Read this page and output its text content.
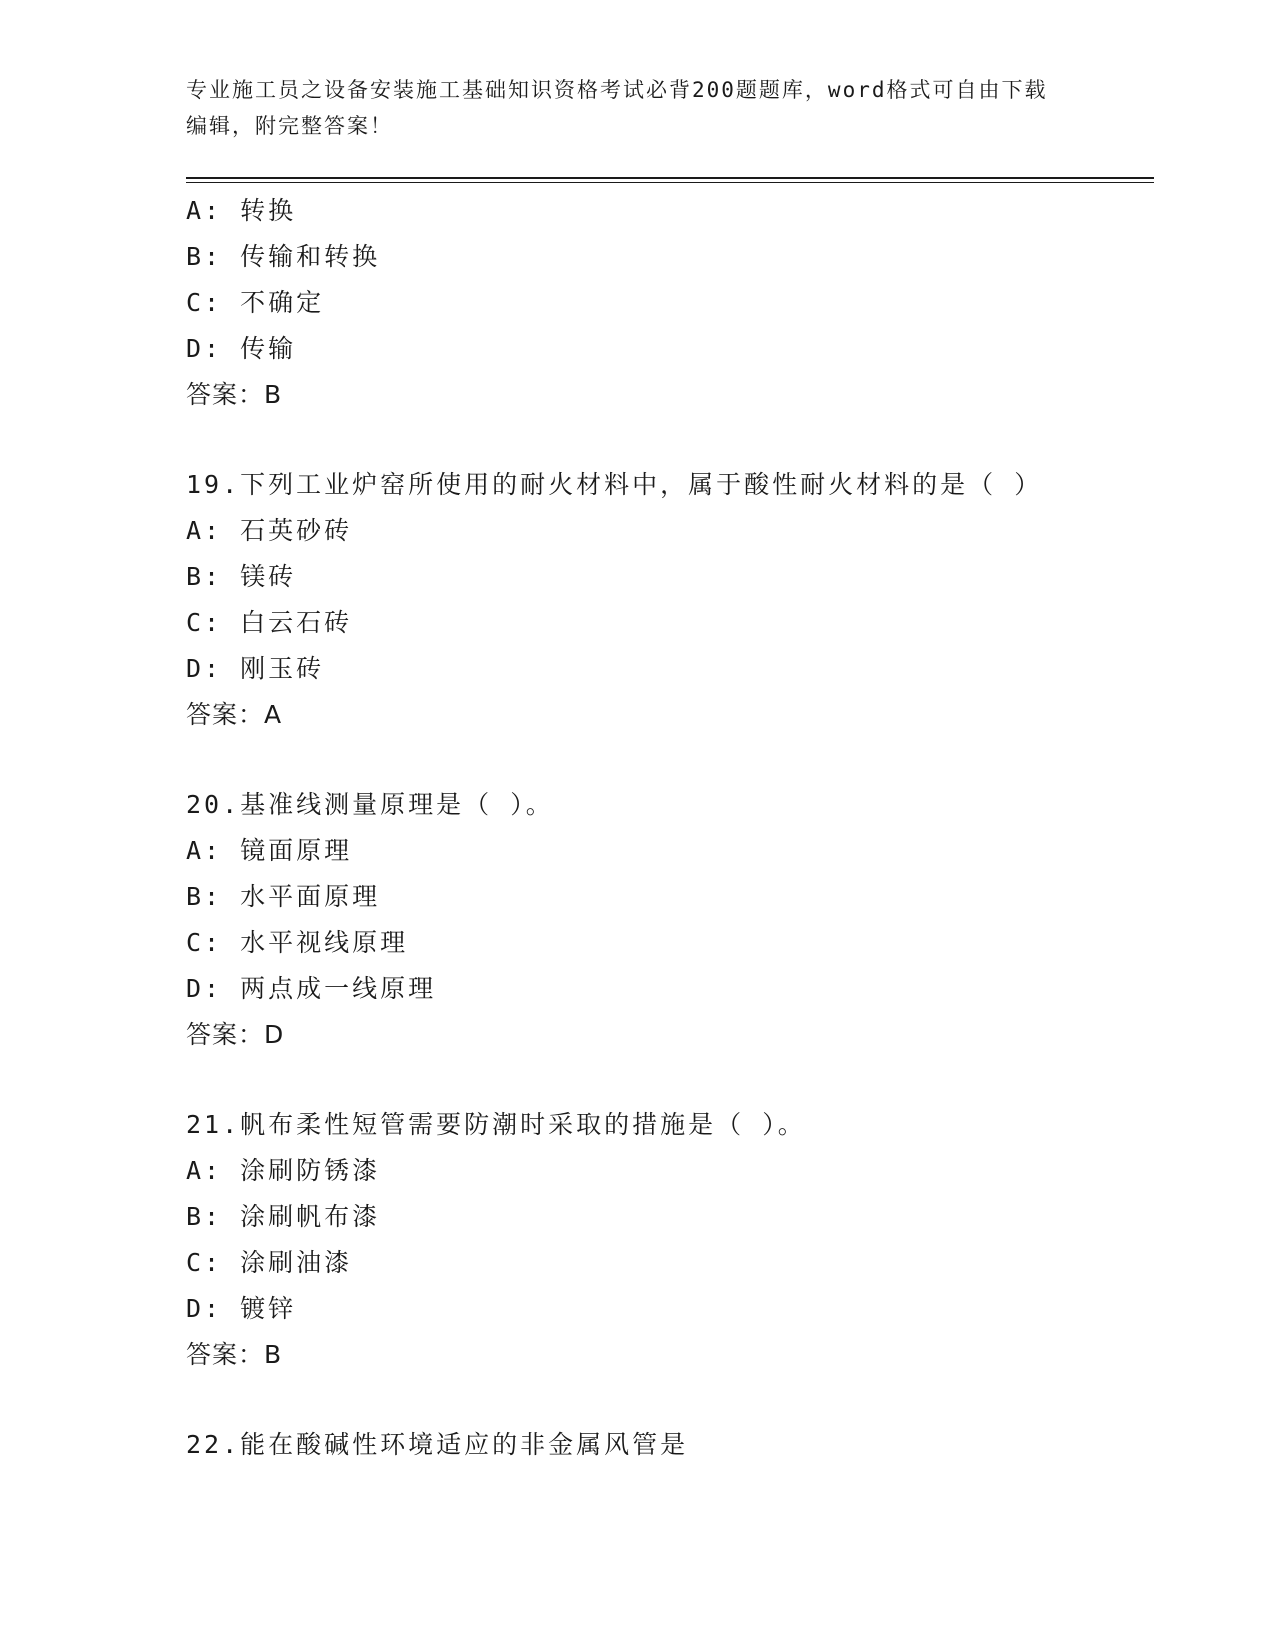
专业施工员之设备安装施工基础知识资格考试必背200题题库，word格式可自由下载编辑，附完整答案！

A: 转换
B: 传输和转换
C: 不确定
D: 传输
答案：B
19.下列工业炉窑所使用的耐火材料中，属于酸性耐火材料的是（ ）
A: 石英砂砖
B: 镁砖
C: 白云石砖
D: 刚玉砖
答案：A
20.基准线测量原理是（ ）。
A: 镜面原理
B: 水平面原理
C: 水平视线原理
D: 两点成一线原理
答案：D
21.帆布柔性短管需要防潮时采取的措施是（ ）。
A: 涂刷防锈漆
B: 涂刷帆布漆
C: 涂刷油漆
D: 镀锌
答案：B
22.能在酸碱性环境适应的非金属风管是
